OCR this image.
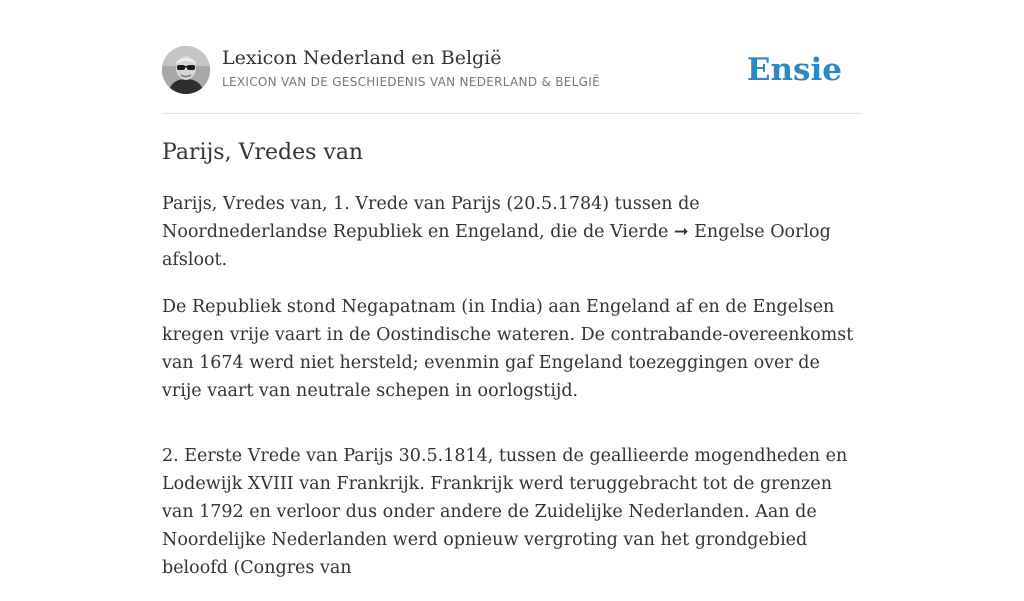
Lexicon Nederland en België
LEXICON VAN DE GESCHIEDENIS VAN NEDERLAND & BELGIË	Ensie
Parijs, Vredes van

Parijs, Vredes van, 1. Vrede van Parijs (20.5.1784) tussen de Noordnederlandse Republiek en Engeland, die de Vierde ➞ Engelse Oorlog afsloot.

De Republiek stond Negapatnam (in India) aan Engeland af en de Engelsen kregen vrije vaart in de Oostindische wateren. De contrabande-overeenkomst van 1674 werd niet hersteld; evenmin gaf Engeland toezeggingen over de vrije vaart van neutrale schepen in oorlogstijd.

2. Eerste Vrede van Parijs 30.5.1814, tussen de geallieerde mogendheden en Lodewijk XVIII van Frankrijk. Frankrijk werd teruggebracht tot de grenzen van 1792 en verloor dus onder andere de Zuidelijke Nederlanden. Aan de Noordelijke Nederlanden werd opnieuw vergroting van het grondgebied beloofd (Congres van
